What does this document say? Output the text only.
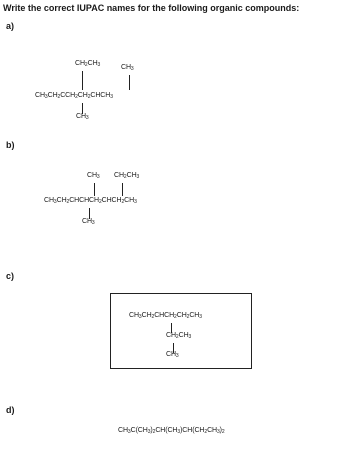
Write the correct IUPAC names for the following organic compounds:
a)
$CH_2CH_3$	$CH_3$
$CH_3CH_2CCH_2CH_2CHCH_3$
$CH_3$
b)
$CH_3$ $CH_2CH_3$
$CH_3CH_2CHCHCH_2CHCH_2CH_3$
$CH_3$
c)
$CH_3CH_2CHCH_2CH_2CH_3$
$CH_2CH_3$
$CH_3$
d)
$CH_3C(CH_3)_2CH(CH_3)CH(CH_2CH_3)_2$
